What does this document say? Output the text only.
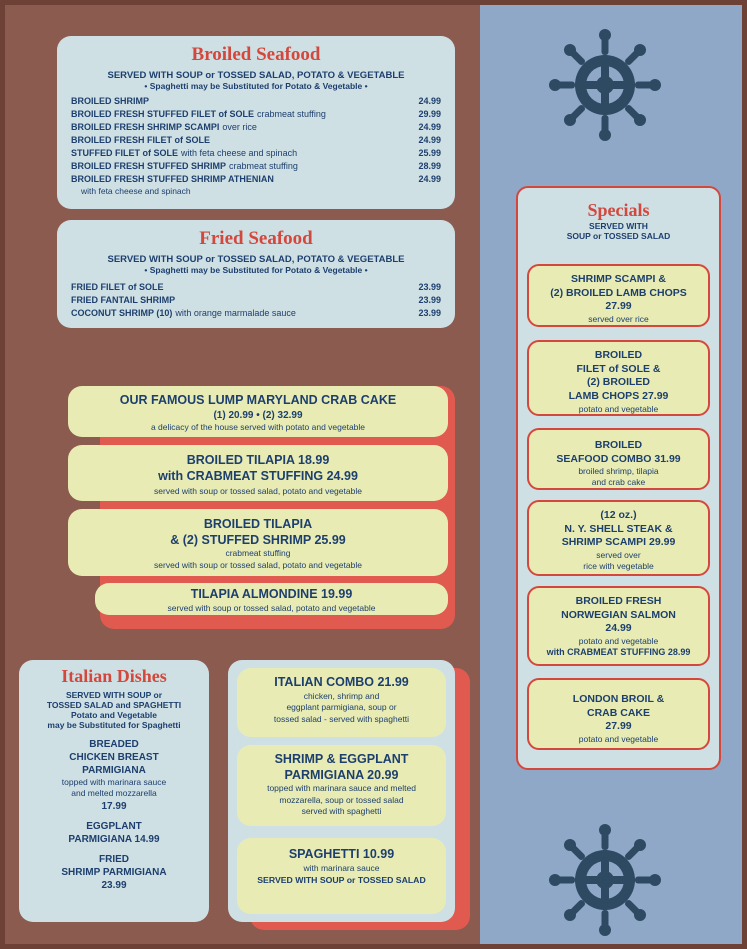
Broiled Seafood
SERVED WITH SOUP or TOSSED SALAD, POTATO & VEGETABLE
• Spaghetti may be Substituted for Potato & Vegetable •
BROILED SHRIMP	24.99
BROILED FRESH STUFFED FILET of SOLE crabmeat stuffing	29.99
BROILED FRESH SHRIMP SCAMPI over rice	24.99
BROILED FRESH FILET of SOLE	24.99
STUFFED FILET of SOLE with feta cheese and spinach	25.99
BROILED FRESH STUFFED SHRIMP crabmeat stuffing	28.99
BROILED FRESH STUFFED SHRIMP ATHENIAN	24.99
with feta cheese and spinach
Fried Seafood
SERVED WITH SOUP or TOSSED SALAD, POTATO & VEGETABLE
• Spaghetti may be Substituted for Potato & Vegetable •
FRIED FILET of SOLE	23.99
FRIED FANTAIL SHRIMP	23.99
COCONUT SHRIMP (10) with orange marmalade sauce	23.99
OUR FAMOUS LUMP MARYLAND CRAB CAKE
(1) 20.99 • (2) 32.99
a delicacy of the house served with potato and vegetable
BROILED TILAPIA 18.99
with CRABMEAT STUFFING 24.99
served with soup or tossed salad, potato and vegetable
BROILED TILAPIA
& (2) STUFFED SHRIMP 25.99
crabmeat stuffing
served with soup or tossed salad, potato and vegetable
TILAPIA ALMONDINE 19.99
served with soup or tossed salad, potato and vegetable
Italian Dishes
SERVED WITH SOUP or
TOSSED SALAD and SPAGHETTI
Potato and Vegetable
may be Substituted for Spaghetti
BREADED
CHICKEN BREAST
PARMIGIANA
topped with marinara sauce
and melted mozzarella
17.99
EGGPLANT
PARMIGIANA 14.99
FRIED
SHRIMP PARMIGIANA
23.99
ITALIAN COMBO 21.99
chicken, shrimp and
eggplant parmigiana, soup or
tossed salad - served with spaghetti
SHRIMP & EGGPLANT
PARMIGIANA 20.99
topped with marinara sauce and melted
mozzarella, soup or tossed salad
served with spaghetti
SPAGHETTI 10.99
with marinara sauce
SERVED WITH SOUP or TOSSED SALAD
Specials
SERVED WITH
SOUP or TOSSED SALAD
SHRIMP SCAMPI &
(2) BROILED LAMB CHOPS
27.99
served over rice
BROILED
FILET of SOLE &
(2) BROILED
LAMB CHOPS 27.99
potato and vegetable
BROILED
SEAFOOD COMBO 31.99
broiled shrimp, tilapia
and crab cake
(12 oz.)
N. Y. SHELL STEAK &
SHRIMP SCAMPI 29.99
served over
rice with vegetable
BROILED FRESH
NORWEGIAN SALMON
24.99
potato and vegetable
with CRABMEAT STUFFING 28.99
LONDON BROIL &
CRAB CAKE
27.99
potato and vegetable
